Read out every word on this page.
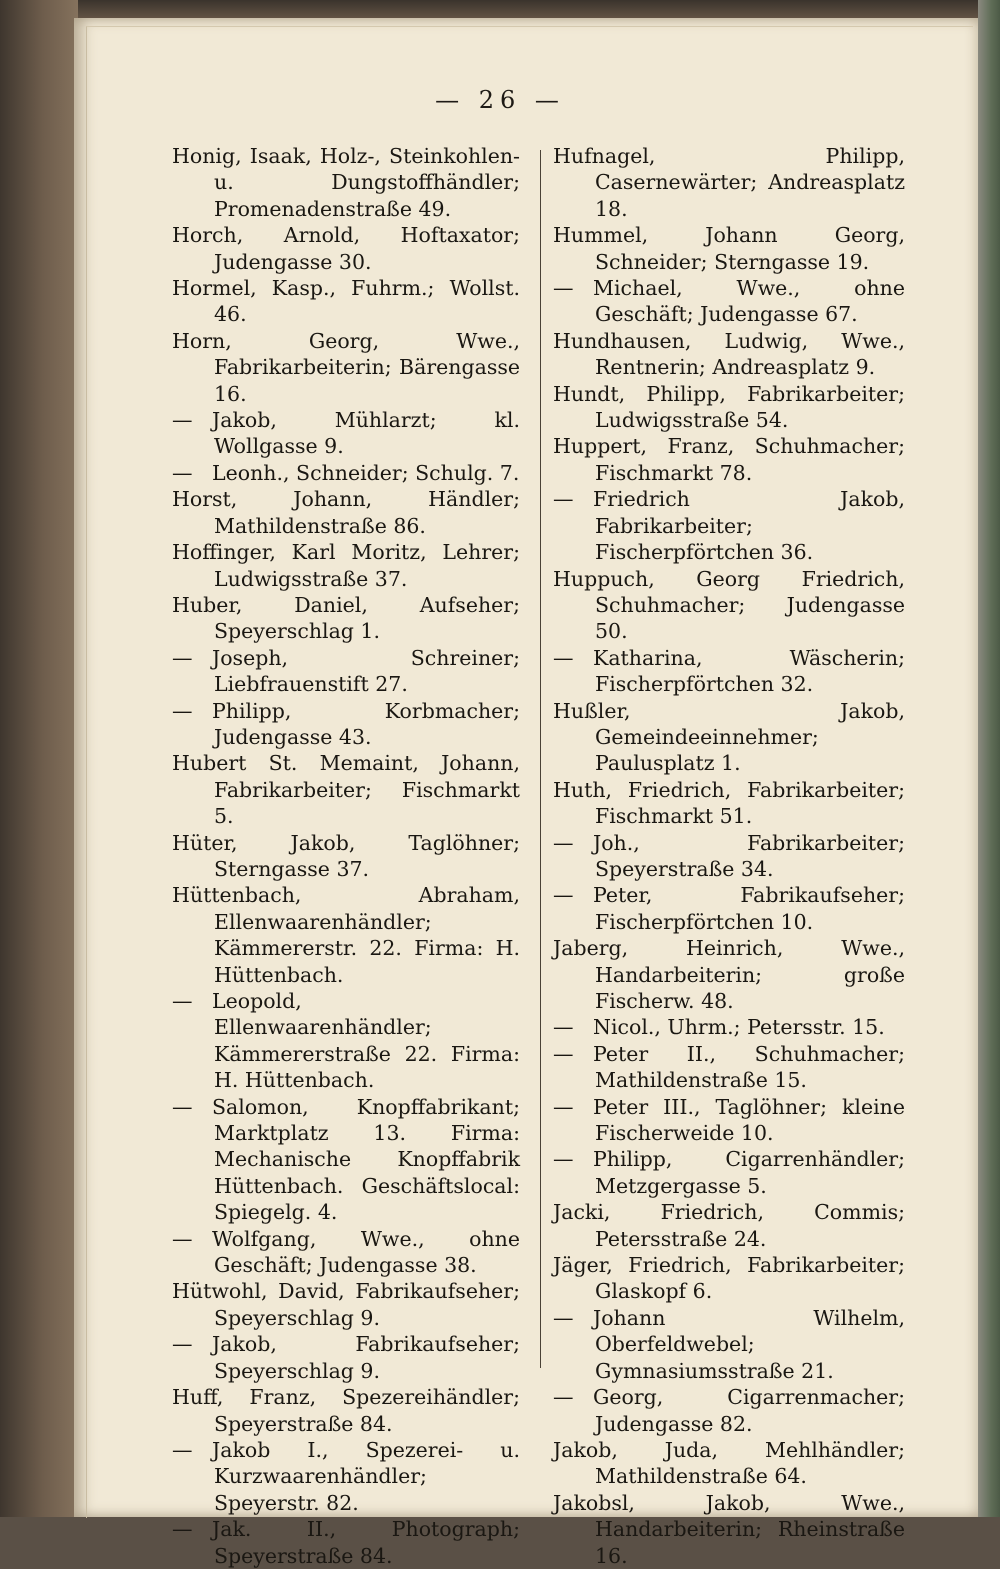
— 26 —

Honig, Isaak, Holz-, Steinkohlen- u. Dungstoffhändler; Promenadenstraße 49.

Horch, Arnold, Hoftaxator; Judengasse 30.

Hormel, Kasp., Fuhrm.; Wollst. 46.

Horn, Georg, Wwe., Fabrikarbeiterin; Bärengasse 16.

— Jakob, Mühlarzt; kl. Wollgasse 9.

— Leonh., Schneider; Schulg. 7.

Horst, Johann, Händler; Mathildenstraße 86.

Hoffinger, Karl Moritz, Lehrer; Ludwigsstraße 37.

Huber, Daniel, Aufseher; Speyerschlag 1.

— Joseph, Schreiner; Liebfrauenstift 27.

— Philipp, Korbmacher; Judengasse 43.

Hubert St. Memaint, Johann, Fabrikarbeiter; Fischmarkt 5.

Hüter, Jakob, Taglöhner; Sterngasse 37.

Hüttenbach, Abraham, Ellenwaarenhändler; Kämmererstr. 22. Firma: H. Hüttenbach.

— Leopold, Ellenwaarenhändler; Kämmererstraße 22. Firma: H. Hüttenbach.

— Salomon, Knopffabrikant; Marktplatz 13. Firma: Mechanische Knopffabrik Hüttenbach. Geschäftslocal: Spiegelg. 4.

— Wolfgang, Wwe., ohne Geschäft; Judengasse 38.

Hütwohl, David, Fabrikaufseher; Speyerschlag 9.

— Jakob, Fabrikaufseher; Speyerschlag 9.

Huff, Franz, Spezereihändler; Speyerstraße 84.

— Jakob I., Spezerei- u. Kurzwaarenhändler; Speyerstr. 82.

— Jak. II., Photograph; Speyerstraße 84.

Hufnagel, Philipp, Casernewärter; Andreasplatz 18.

Hummel, Johann Georg, Schneider; Sterngasse 19.

— Michael, Wwe., ohne Geschäft; Judengasse 67.

Hundhausen, Ludwig, Wwe., Rentnerin; Andreasplatz 9.

Hundt, Philipp, Fabrikarbeiter; Ludwigsstraße 54.

Huppert, Franz, Schuhmacher; Fischmarkt 78.

— Friedrich Jakob, Fabrikarbeiter; Fischerpförtchen 36.

Huppuch, Georg Friedrich, Schuhmacher; Judengasse 50.

— Katharina, Wäscherin; Fischerpförtchen 32.

Hußler, Jakob, Gemeindeeinnehmer; Paulusplatz 1.

Huth, Friedrich, Fabrikarbeiter; Fischmarkt 51.

— Joh., Fabrikarbeiter; Speyerstraße 34.

— Peter, Fabrikaufseher; Fischerpförtchen 10.

Jaberg, Heinrich, Wwe., Handarbeiterin; große Fischerw. 48.

— Nicol., Uhrm.; Petersstr. 15.

— Peter II., Schuhmacher; Mathildenstraße 15.

— Peter III., Taglöhner; kleine Fischerweide 10.

— Philipp, Cigarrenhändler; Metzgergasse 5.

Jacki, Friedrich, Commis; Petersstraße 24.

Jäger, Friedrich, Fabrikarbeiter; Glaskopf 6.

— Johann Wilhelm, Oberfeldwebel; Gymnasiumsstraße 21.

— Georg, Cigarrenmacher; Judengasse 82.

Jakob, Juda, Mehlhändler; Mathildenstraße 64.

Jakobsl, Jakob, Wwe., Handarbeiterin; Rheinstraße 16.
